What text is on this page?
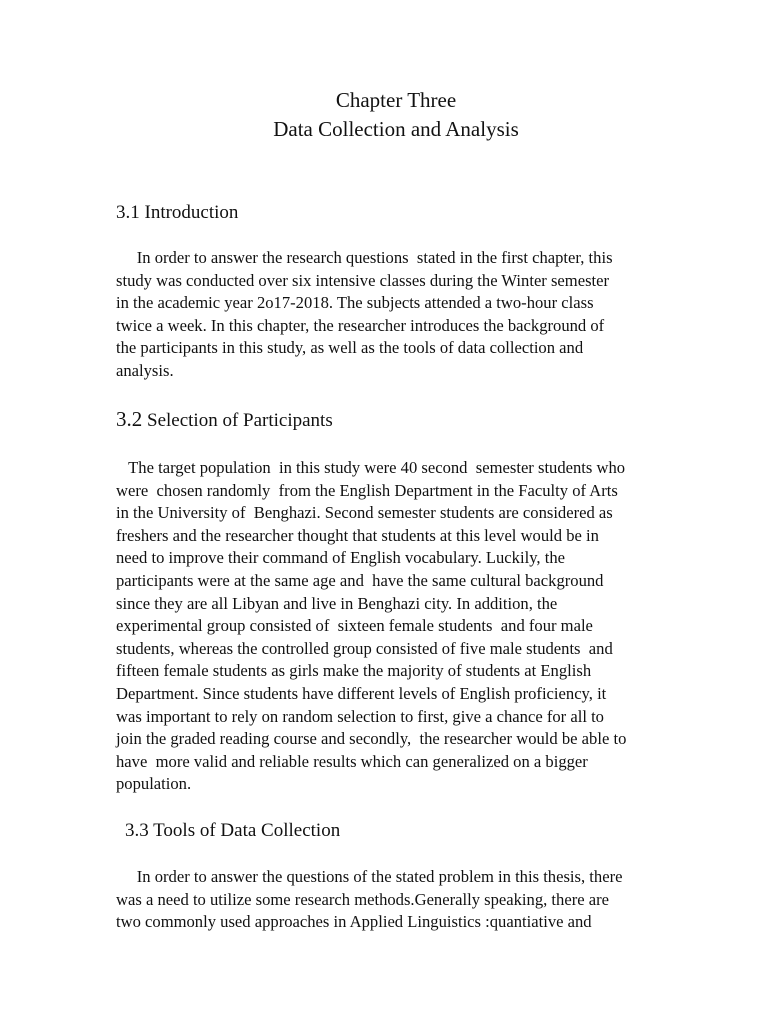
Chapter Three
Data Collection and Analysis
3.1 Introduction
In order to answer the research questions  stated in the first chapter, this
study was conducted over six intensive classes during the Winter semester
in the academic year 2o17-2018. The subjects attended a two-hour class
twice a week. In this chapter, the researcher introduces the background of
the participants in this study, as well as the tools of data collection and
analysis.
3.2 Selection of Participants
The target population  in this study were 40 second  semester students who
were  chosen randomly  from the English Department in the Faculty of Arts
in the University of  Benghazi. Second semester students are considered as
freshers and the researcher thought that students at this level would be in
need to improve their command of English vocabulary. Luckily, the
participants were at the same age and  have the same cultural background
since they are all Libyan and live in Benghazi city. In addition, the
experimental group consisted of  sixteen female students  and four male
students, whereas the controlled group consisted of five male students  and
fifteen female students as girls make the majority of students at English
Department. Since students have different levels of English proficiency, it
was important to rely on random selection to first, give a chance for all to
join the graded reading course and secondly,  the researcher would be able to
have  more valid and reliable results which can generalized on a bigger
population.
3.3 Tools of Data Collection
In order to answer the questions of the stated problem in this thesis, there
was a need to utilize some research methods.Generally speaking, there are
two commonly used approaches in Applied Linguistics :quantiative and
